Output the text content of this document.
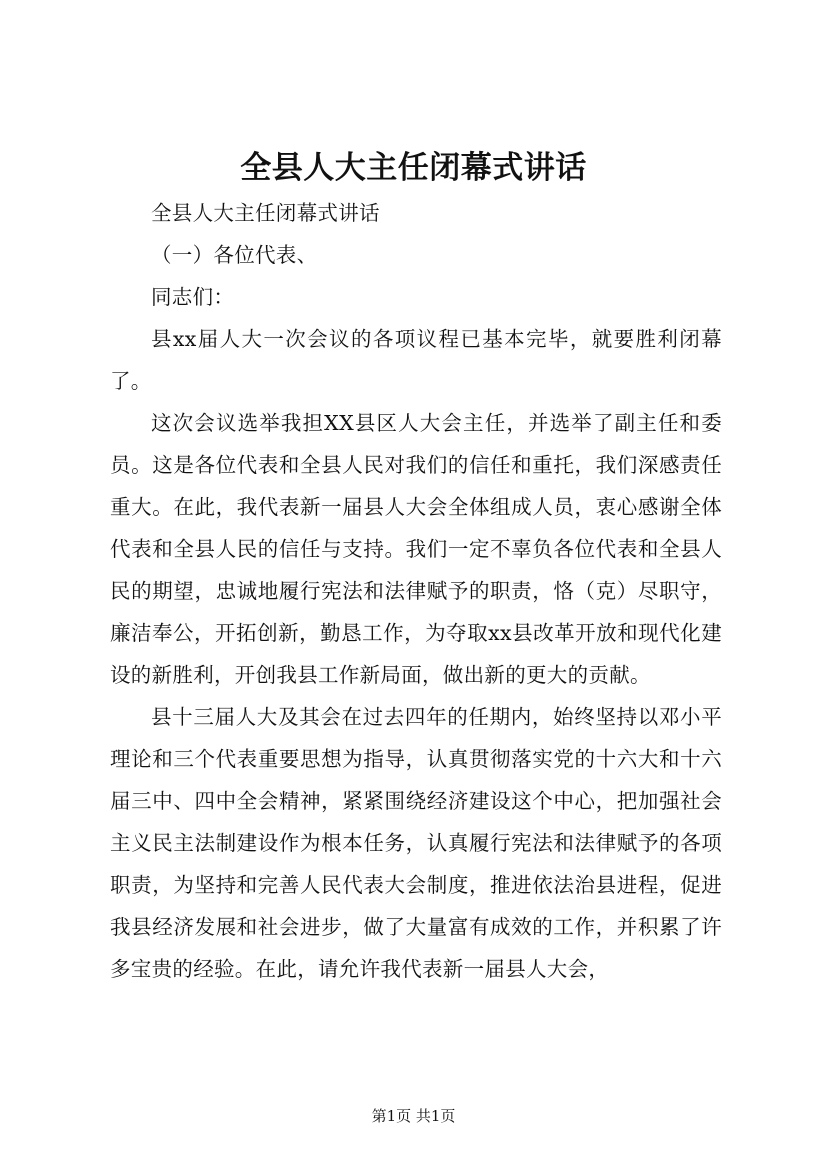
全县人大主任闭幕式讲话

全县人大主任闭幕式讲话

（一）各位代表、

同志们：

县xx届人大一次会议的各项议程已基本完毕，就要胜利闭幕了。

这次会议选举我担XX县区人大会主任，并选举了副主任和委员。这是各位代表和全县人民对我们的信任和重托，我们深感责任重大。在此，我代表新一届县人大会全体组成人员，衷心感谢全体代表和全县人民的信任与支持。我们一定不辜负各位代表和全县人民的期望，忠诚地履行宪法和法律赋予的职责，恪（克）尽职守，廉洁奉公，开拓创新，勤恳工作，为夺取xx县改革开放和现代化建设的新胜利，开创我县工作新局面，做出新的更大的贡献。

县十三届人大及其会在过去四年的任期内，始终坚持以邓小平理论和三个代表重要思想为指导，认真贯彻落实党的十六大和十六届三中、四中全会精神，紧紧围绕经济建设这个中心，把加强社会主义民主法制建设作为根本任务，认真履行宪法和法律赋予的各项职责，为坚持和完善人民代表大会制度，推进依法治县进程，促进我县经济发展和社会进步，做了大量富有成效的工作，并积累了许多宝贵的经验。在此，请允许我代表新一届县人大会，

第1页 共1页
